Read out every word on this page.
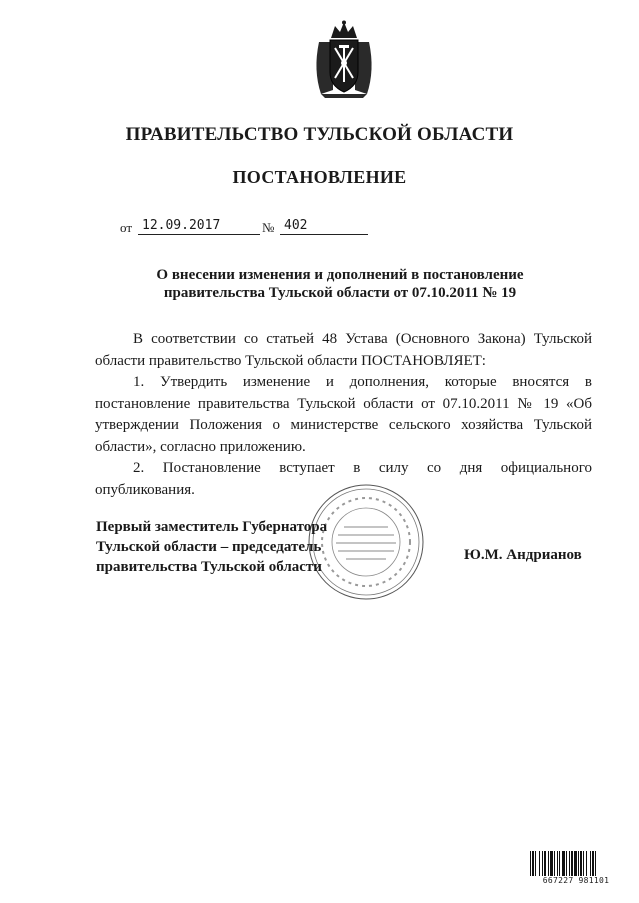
ПРАВИТЕЛЬСТВО ТУЛЬСКОЙ ОБЛАСТИ
ПОСТАНОВЛЕНИЕ
от 12.09.2017	№ 402
О внесении изменения и дополнений в постановление
правительства Тульской области от 07.10.2011 № 19

В соответствии со статьей 48 Устава (Основного Закона) Тульской области правительство Тульской области ПОСТАНОВЛЯЕТ:

1. Утвердить изменение и дополнения, которые вносятся в постановление правительства Тульской области от 07.10.2011 № 19 «Об утверждении Положения о министерстве сельского хозяйства Тульской области», согласно приложению.

2. Постановление вступает в силу со дня официального опубликования.

Первый заместитель Губернатора
Тульской области – председатель
правительства Тульской области
Ю.М. Андрианов
667227 981101
